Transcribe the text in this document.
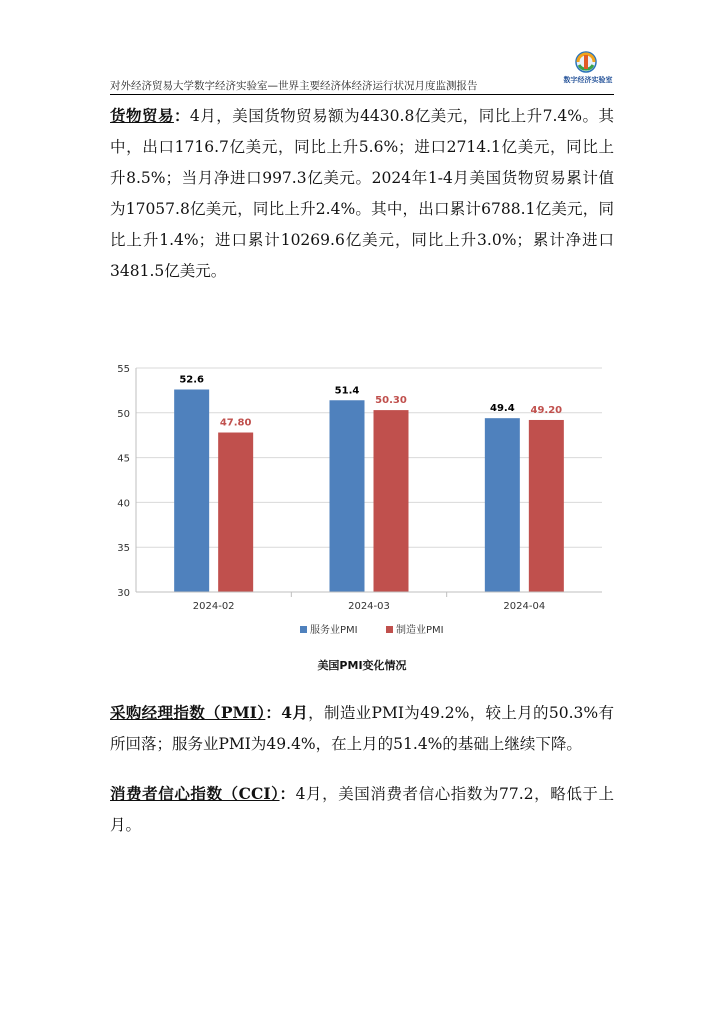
对外经济贸易大学数字经济实验室—世界主要经济体经济运行状况月度监测报告	数字经济实验室
货物贸易：4月，美国货物贸易额为4430.8亿美元，同比上升7.4%。其中，出口1716.7亿美元，同比上升5.6%；进口2714.1亿美元，同比上升8.5%；当月净进口997.3亿美元。2024年1-4月美国货物贸易累计值为17057.8亿美元，同比上升2.4%。其中，出口累计6788.1亿美元，同比上升1.4%；进口累计10269.6亿美元，同比上升3.0%；累计净进口3481.5亿美元。
52.6
47.80
51.4
50.30
49.4 49.20
30
35
40
45
50
55
2024-02	2024-03	2024-04
服务业PMI	制造业PMI
美国PMI变化情况
采购经理指数（PMI）：4月，制造业PMI为49.2%，较上月的50.3%有所回落；服务业PMI为49.4%，在上月的51.4%的基础上继续下降。
消费者信心指数（CCI）：4月，美国消费者信心指数为77.2，略低于上月。
